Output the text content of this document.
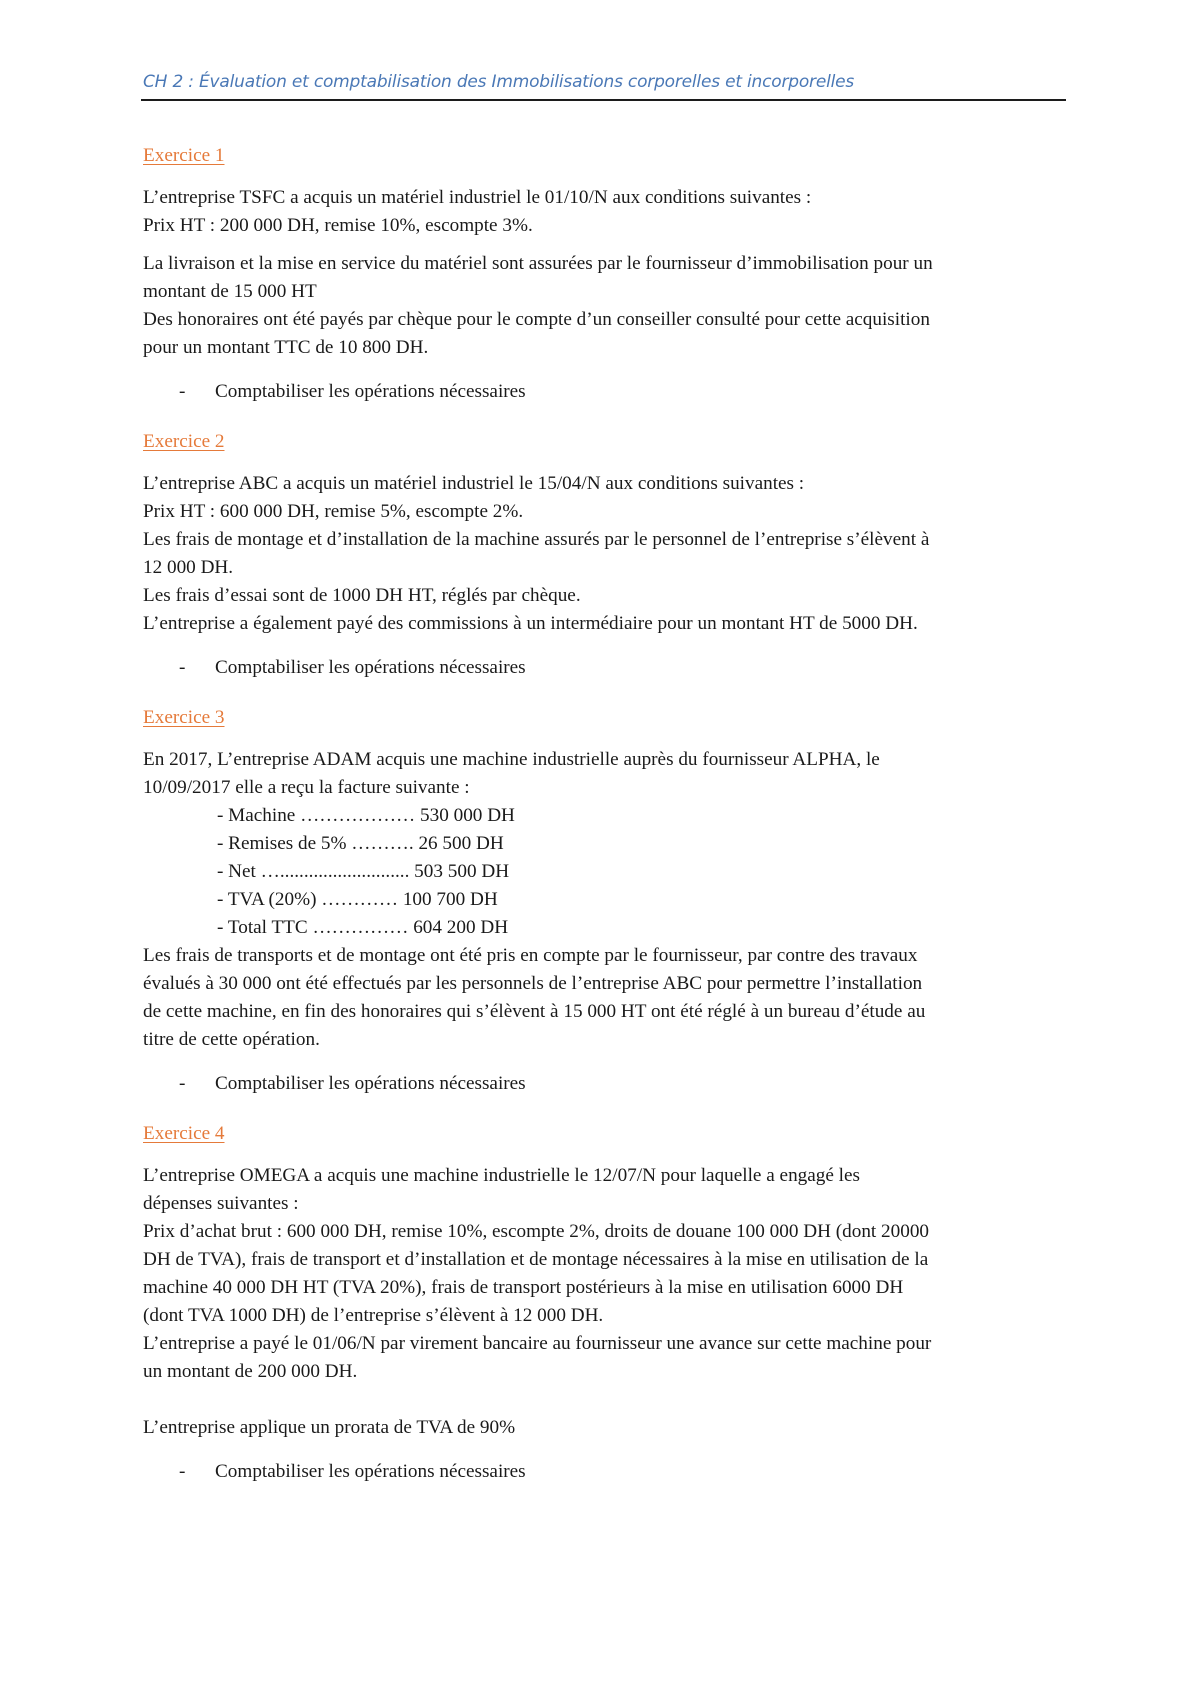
CH 2 : Évaluation et comptabilisation des Immobilisations corporelles et incorporelles

Exercice 1

L’entreprise TSFC a acquis un matériel industriel le 01/10/N aux conditions suivantes :

Prix HT : 200 000 DH, remise 10%, escompte 3%.

La livraison et la mise en service du matériel sont assurées par le fournisseur d’immobilisation pour un

montant de 15 000 HT

Des honoraires ont été payés par chèque pour le compte d’un conseiller consulté pour cette acquisition

pour un montant TTC de 10 800 DH.

-	Comptabiliser les opérations nécessaires

Exercice 2

L’entreprise ABC a acquis un matériel industriel le 15/04/N aux conditions suivantes :

Prix HT : 600 000 DH, remise 5%, escompte 2%.

Les frais de montage et d’installation de la machine assurés par le personnel de l’entreprise s’élèvent à

12 000 DH.

Les frais d’essai sont de 1000 DH HT, réglés par chèque.

L’entreprise a également payé des commissions à un intermédiaire pour un montant HT de 5000 DH.

-	Comptabiliser les opérations nécessaires

Exercice 3

En 2017, L’entreprise ADAM acquis une machine industrielle auprès du fournisseur ALPHA, le

10/09/2017 elle a reçu la facture suivante :

- Machine ……………… 530 000 DH

- Remises de 5% ………. 26 500 DH

- Net …........................... 503 500 DH

- TVA (20%) ………… 100 700 DH

- Total TTC …………… 604 200 DH

Les frais de transports et de montage ont été pris en compte par le fournisseur, par contre des travaux

évalués à 30 000 ont été effectués par les personnels de l’entreprise ABC pour permettre l’installation

de cette machine, en fin des honoraires qui s’élèvent à 15 000 HT ont été réglé à un bureau d’étude au

titre de cette opération.

-	Comptabiliser les opérations nécessaires

Exercice 4

L’entreprise OMEGA a acquis une machine industrielle le 12/07/N pour laquelle a engagé les

dépenses suivantes :

Prix d’achat brut : 600 000 DH, remise 10%, escompte 2%, droits de douane 100 000 DH (dont 20000

DH de TVA), frais de transport et d’installation et de montage nécessaires à la mise en utilisation de la

machine 40 000 DH HT (TVA 20%), frais de transport postérieurs à la mise en utilisation 6000 DH

(dont TVA 1000 DH) de l’entreprise s’élèvent à 12 000 DH.

L’entreprise a payé le 01/06/N par virement bancaire au fournisseur une avance sur cette machine pour

un montant de 200 000 DH.

L’entreprise applique un prorata de TVA de 90%

-	Comptabiliser les opérations nécessaires
